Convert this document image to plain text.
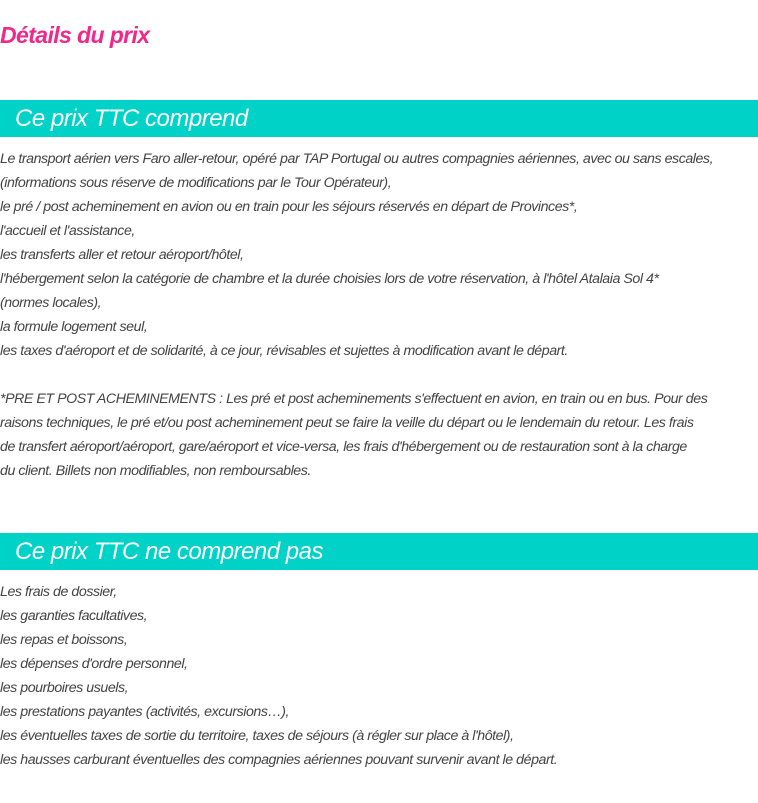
Détails du prix
Ce prix TTC comprend

Le transport aérien vers Faro aller-retour, opéré par TAP Portugal ou autres compagnies aériennes, avec ou sans escales,
(informations sous réserve de modifications par le Tour Opérateur),
le pré / post acheminement en avion ou en train pour les séjours réservés en départ de Provinces*,
l'accueil et l'assistance,
les transferts aller et retour aéroport/hôtel,
l'hébergement selon la catégorie de chambre et la durée choisies lors de votre réservation, à l'hôtel Atalaia Sol 4*
(normes locales),
la formule logement seul,
les taxes d'aéroport et de solidarité, à ce jour, révisables et sujettes à modification avant le départ.

*PRE ET POST ACHEMINEMENTS : Les pré et post acheminements s'effectuent en avion, en train ou en bus. Pour des
raisons techniques, le pré et/ou post acheminement peut se faire la veille du départ ou le lendemain du retour. Les frais
de transfert aéroport/aéroport, gare/aéroport et vice-versa, les frais d'hébergement ou de restauration sont à la charge
du client. Billets non modifiables, non remboursables.

Ce prix TTC ne comprend pas

Les frais de dossier,
les garanties facultatives,
les repas et boissons,
les dépenses d'ordre personnel,
les pourboires usuels,
les prestations payantes (activités, excursions…),
les éventuelles taxes de sortie du territoire, taxes de séjours (à régler sur place à l'hôtel),
les hausses carburant éventuelles des compagnies aériennes pouvant survenir avant le départ.
